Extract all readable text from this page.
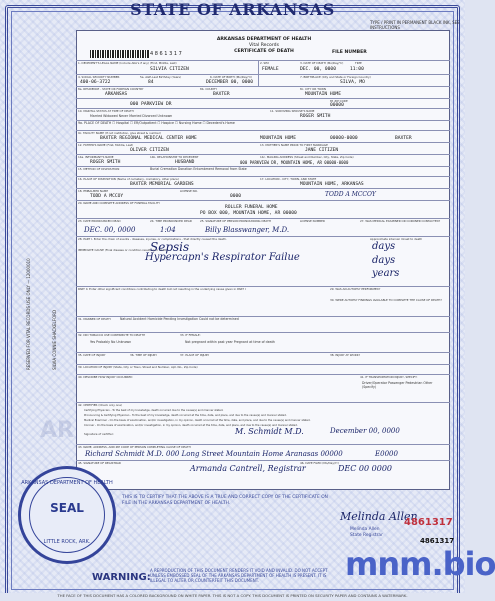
STATE OF ARKANSAS
TYPE / PRINT IN PERMANENT BLACK INK, SEE INSTRUCTIONS
RESERVED FOR VITAL RECORDS USE ONLY — 12000010	SILVIA CONNIE SHACKELFORD
ARKANSAS DEPARTMENT OF HEALTH
Vital Records
CERTIFICATE OF DEATH
4 8 6 1 3 1 7	FILE NUMBER
1. DECEDENT'S LEGAL NAME (Include AKA's if any) (First, Middle, Last)
SILVIA CITIZEN
2. SEX
FEMALE
3. DATE OF DEATH (Mo/Day/Yr)
DEC. 00, 0000
TIME
11:00
4. SOCIAL SECURITY NUMBER
400-06-3722
5a. AGE-Last Birthday (Years)
84
6. DATE OF BIRTH (Mo/Day/Yr)
DECEMBER 00, 0000
7. BIRTHPLACE (City and State or Foreign Country)
SILVA, MO
8a. RESIDENCE - STATE OR FOREIGN COUNTRY
ARKANSAS
8b. COUNTY
BAXTER
8c. CITY OR TOWN
MOUNTAIN HOME
000 PARKVIEW DR
8f. ZIP CODE
00000
10. MARITAL STATUS AT TIME OF DEATH
Married Widowed Never Married Divorced Unknown
11. SURVIVING SPOUSE'S NAME
ROGER SMITH
9a. PLACE OF DEATH ☐ Hospital ☐ ER/Outpatient ☐ Hospice ☐ Nursing Home ☐ Decedent's Home
9c. FACILITY NAME (If not institution, give street & number)
BAXTER REGIONAL MEDICAL CENTER HOME	MOUNTAIN HOME	00000-0000	BAXTER
12. FATHER'S NAME (First, Middle, Last)
OLIVER CITIZEN
13. MOTHER'S NAME PRIOR TO FIRST MARRIAGE
JANE CITIZEN
14a. INFORMANT'S NAME
ROGER SMITH
14b. RELATIONSHIP TO DECEDENT
HUSBAND
14c. MAILING ADDRESS (Street and Number, City, State, Zip Code)
000 PARKVIEW DR, MOUNTAIN HOME, AR 00000-0000
15. METHOD OF DISPOSITION	Burial Cremation Donation Entombment Removal from State
16. PLACE OF DISPOSITION (Name of cemetery, crematory, other place)
BAXTER MEMORIAL GARDENS
17. LOCATION - CITY, TOWN, AND STATE
MOUNTAIN HOME, ARKANSAS
18. EMBALMER NAME
TODD A MCCOY
LICENSE NO.
0000	TODD A MCCOY
20. NAME AND COMPLETE ADDRESS OF FUNERAL FACILITY
ROLLER FUNERAL HOME
PO BOX 000, MOUNTAIN HOME, AR 00000
23. DATE PRONOUNCED DEAD
DEC. 00, 0000
24. TIME PRONOUNCED DEAD
1:04
25. SIGNATURE OF PERSON PRONOUNCING DEATH
Billy Blasswanger, M.D.
LICENSE NUMBER	27. WAS MEDICAL EXAMINER OR CORONER CONTACTED?
28. PART I. Enter the chain of events - diseases, injuries, or complications - that directly caused the death.
IMMEDIATE CAUSE (Final disease or condition resulting in death)
Sepsis
Hypercapn's Respirator Failue
Approximate interval: Onset to death
days
days
years
PART II. Enter other significant conditions contributing to death but not resulting in the underlying cause given in PART I	29. WAS AN AUTOPSY PERFORMED?
30. WERE AUTOPSY FINDINGS AVAILABLE TO COMPLETE THE CAUSE OF DEATH?
31. MANNER OF DEATH	Natural Accident Homicide Pending Investigation Could not be determined
32. DID TOBACCO USE CONTRIBUTE TO DEATH?
Yes Probably No Unknown
33. IF FEMALE:
Not pregnant within past year Pregnant at time of death
35. DATE OF INJURY	36. TIME OF INJURY	37. PLACE OF INJURY	38. INJURY AT WORK?
39. LOCATION OF INJURY (State, City or Town, Street and Number, Apt. No., Zip Code)
40. DESCRIBE HOW INJURY OCCURRED	41. IF TRANSPORTATION INJURY, SPECIFY:
Driver/Operator Passenger Pedestrian Other (Specify)
42. CERTIFIER (Check only one)
Certifying Physician - To the best of my knowledge, death occurred due to the cause(s) and manner stated.
Pronouncing & Certifying Physician - To the best of my knowledge, death occurred at the time, date, and place, and due to the cause(s) and manner stated.
Medical Examiner - On the basis of examination, and/or investigation, in my opinion, death occurred at the time, date, and place, and due to the cause(s) and manner stated.
Coroner - On the basis of examination, and/or investigation, in my opinion, death occurred at the time, date, and place, and due to the cause(s) and manner stated.
Signature of certifier:	M. Schmidt M.D.	December 00, 0000
43. NAME, ADDRESS, AND ZIP CODE OF PERSON COMPLETING CAUSE OF DEATH
Richard Schmidt M.D. 000 Long Street Mountain Home Aranasas 00000	E0000
45. SIGNATURE OF REGISTRAR
Armanda Cantrell, Registrar
46. DATE FILED (Mo/Day/Yr)
DEC 00 0000
AR
ARKANSAS DEPARTMENT OF HEALTH
SEAL
LITTLE ROCK, ARK.
THIS IS TO CERTIFY THAT THE ABOVE IS A TRUE AND CORRECT COPY OF THE CERTIFICATE ON FILE IN THE ARKANSAS DEPARTMENT OF HEALTH.
Melinda Allen
Melinda Allen
State Registrar
4861317
4861317
mnm.bio
WARNING:
A REPRODUCTION OF THIS DOCUMENT RENDERS IT VOID AND INVALID. DO NOT ACCEPT UNLESS EMBOSSED SEAL OF THE ARKANSAS DEPARTMENT OF HEALTH IS PRESENT. IT IS ILLEGAL TO ALTER OR COUNTERFEIT THIS DOCUMENT.
THE FACE OF THIS DOCUMENT HAS A COLORED BACKGROUND ON WHITE PAPER. THIS IS NOT A COPY. THIS DOCUMENT IS PRINTED ON SECURITY PAPER AND CONTAINS A WATERMARK.
